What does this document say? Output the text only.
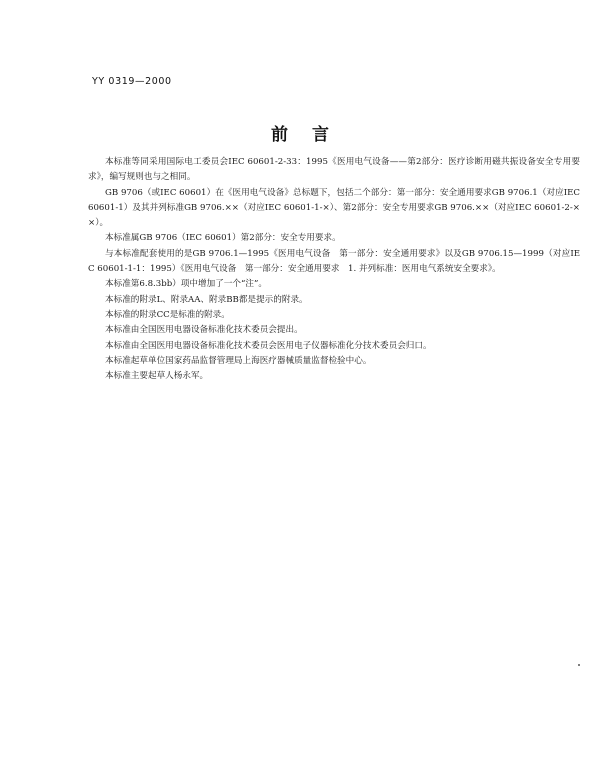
YY 0319—2000
前言

本标准等同采用国际电工委员会IEC 60601-2-33：1995《医用电气设备——第2部分：医疗诊断用磁共振设备安全专用要求》，编写规则也与之相同。

GB 9706（或IEC 60601）在《医用电气设备》总标题下，包括二个部分：第一部分：安全通用要求GB 9706.1（对应IEC 60601-1）及其并列标准GB 9706.××（对应IEC 60601-1-×）、第2部分：安全专用要求GB 9706.××（对应IEC 60601-2-××）。

本标准属GB 9706（IEC 60601）第2部分：安全专用要求。

与本标准配套使用的是GB 9706.1—1995《医用电气设备　第一部分：安全通用要求》以及GB 9706.15—1999（对应IEC 60601-1-1：1995）《医用电气设备　第一部分：安全通用要求　1. 并列标准：医用电气系统安全要求》。

本标准第6.8.3bb）项中增加了一个“注”。

本标准的附录L、附录AA、附录BB都是提示的附录。

本标准的附录CC是标准的附录。

本标准由全国医用电器设备标准化技术委员会提出。

本标准由全国医用电器设备标准化技术委员会医用电子仪器标准化分技术委员会归口。

本标准起草单位国家药品监督管理局上海医疗器械质量监督检验中心。

本标准主要起草人杨永军。
